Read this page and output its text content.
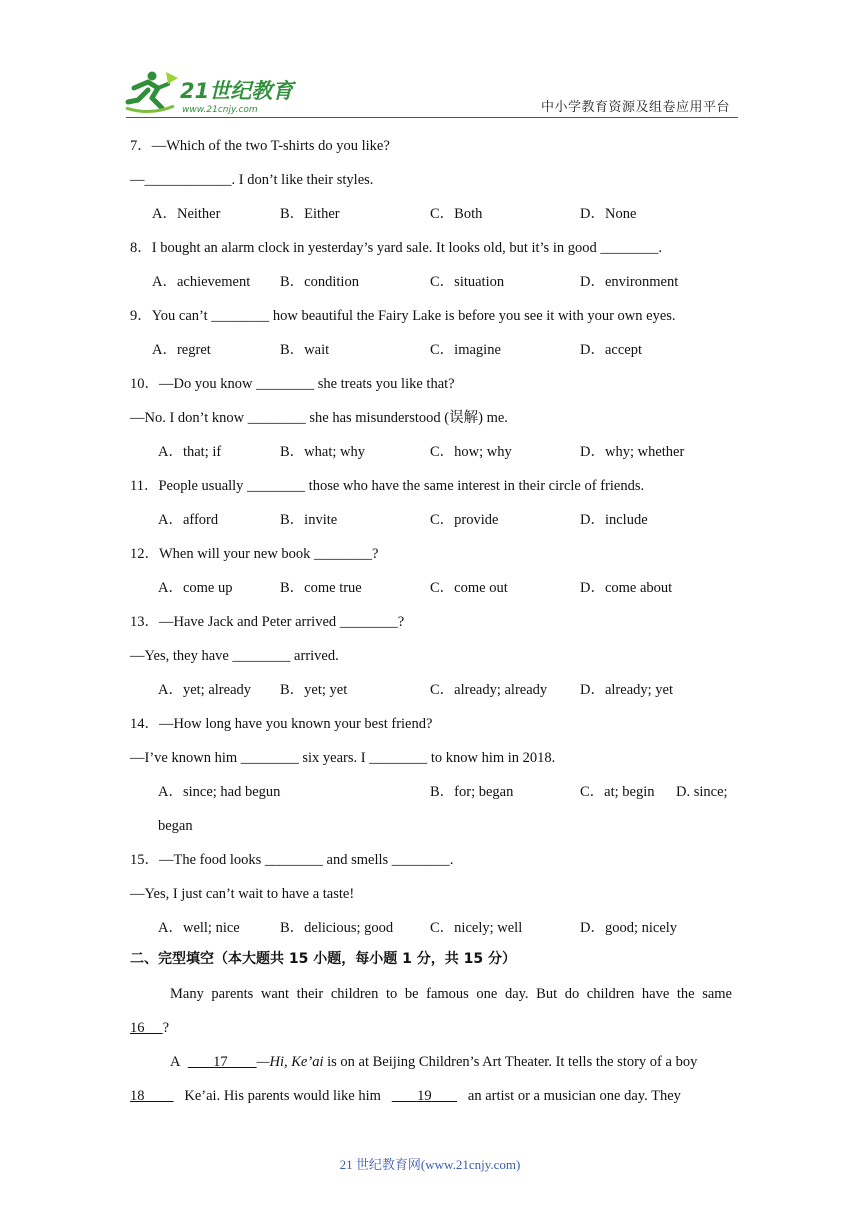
21世纪教育
www.21cnjy.com	中小学教育资源及组卷应用平台
7．—Which of the two T-shirts do you like?
—____________. I don’t like their styles.
A．Neither	B．Either	C．Both	D．None
8．I bought an alarm clock in yesterday’s yard sale. It looks old, but it’s in good ________.
A．achievement B．condition	C．situation	D．environment
9．You can’t ________ how beautiful the Fairy Lake is before you see it with your own eyes.
A．regret	B．wait	C．imagine	D．accept
10．—Do you know ________ she treats you like that?
—No. I don’t know ________ she has misunderstood (误解) me.
A．that; if	B．what; why	C．how; why	D．why; whether
11．People usually ________ those who have the same interest in their circle of friends.
A．afford	B．invite	C．provide	D．include
12．When will your new book ________?
A．come up	B．come true	C．come out	D．come about
13．—Have Jack and Peter arrived ________?
—Yes, they have ________ arrived.
A．yet; already B．yet; yet	C．already; already D．already; yet
14．—How long have you known your best friend?
—I’ve known him ________ six years. I ________ to know him in 2018.
A．since; had begun	B．for; began	C．at; begin D. since;
began
15．—The food looks ________ and smells ________.
—Yes, I just can’t wait to have a taste!
A．well; nice	B．delicious; good	C．nicely; well	D．good; nicely
二、完型填空（本大题共 15 小题，每小题 1 分，共 15 分）
Many parents want their children to be famous one day. But do children have the same
16 ?
A 17 —Hi, Ke’ai is on at Beijing Children’s Art Theater. It tells the story of a boy
18	Ke’ai. His parents would like him	19	an artist or a musician one day. They
21 世纪教育网(www.21cnjy.com)
